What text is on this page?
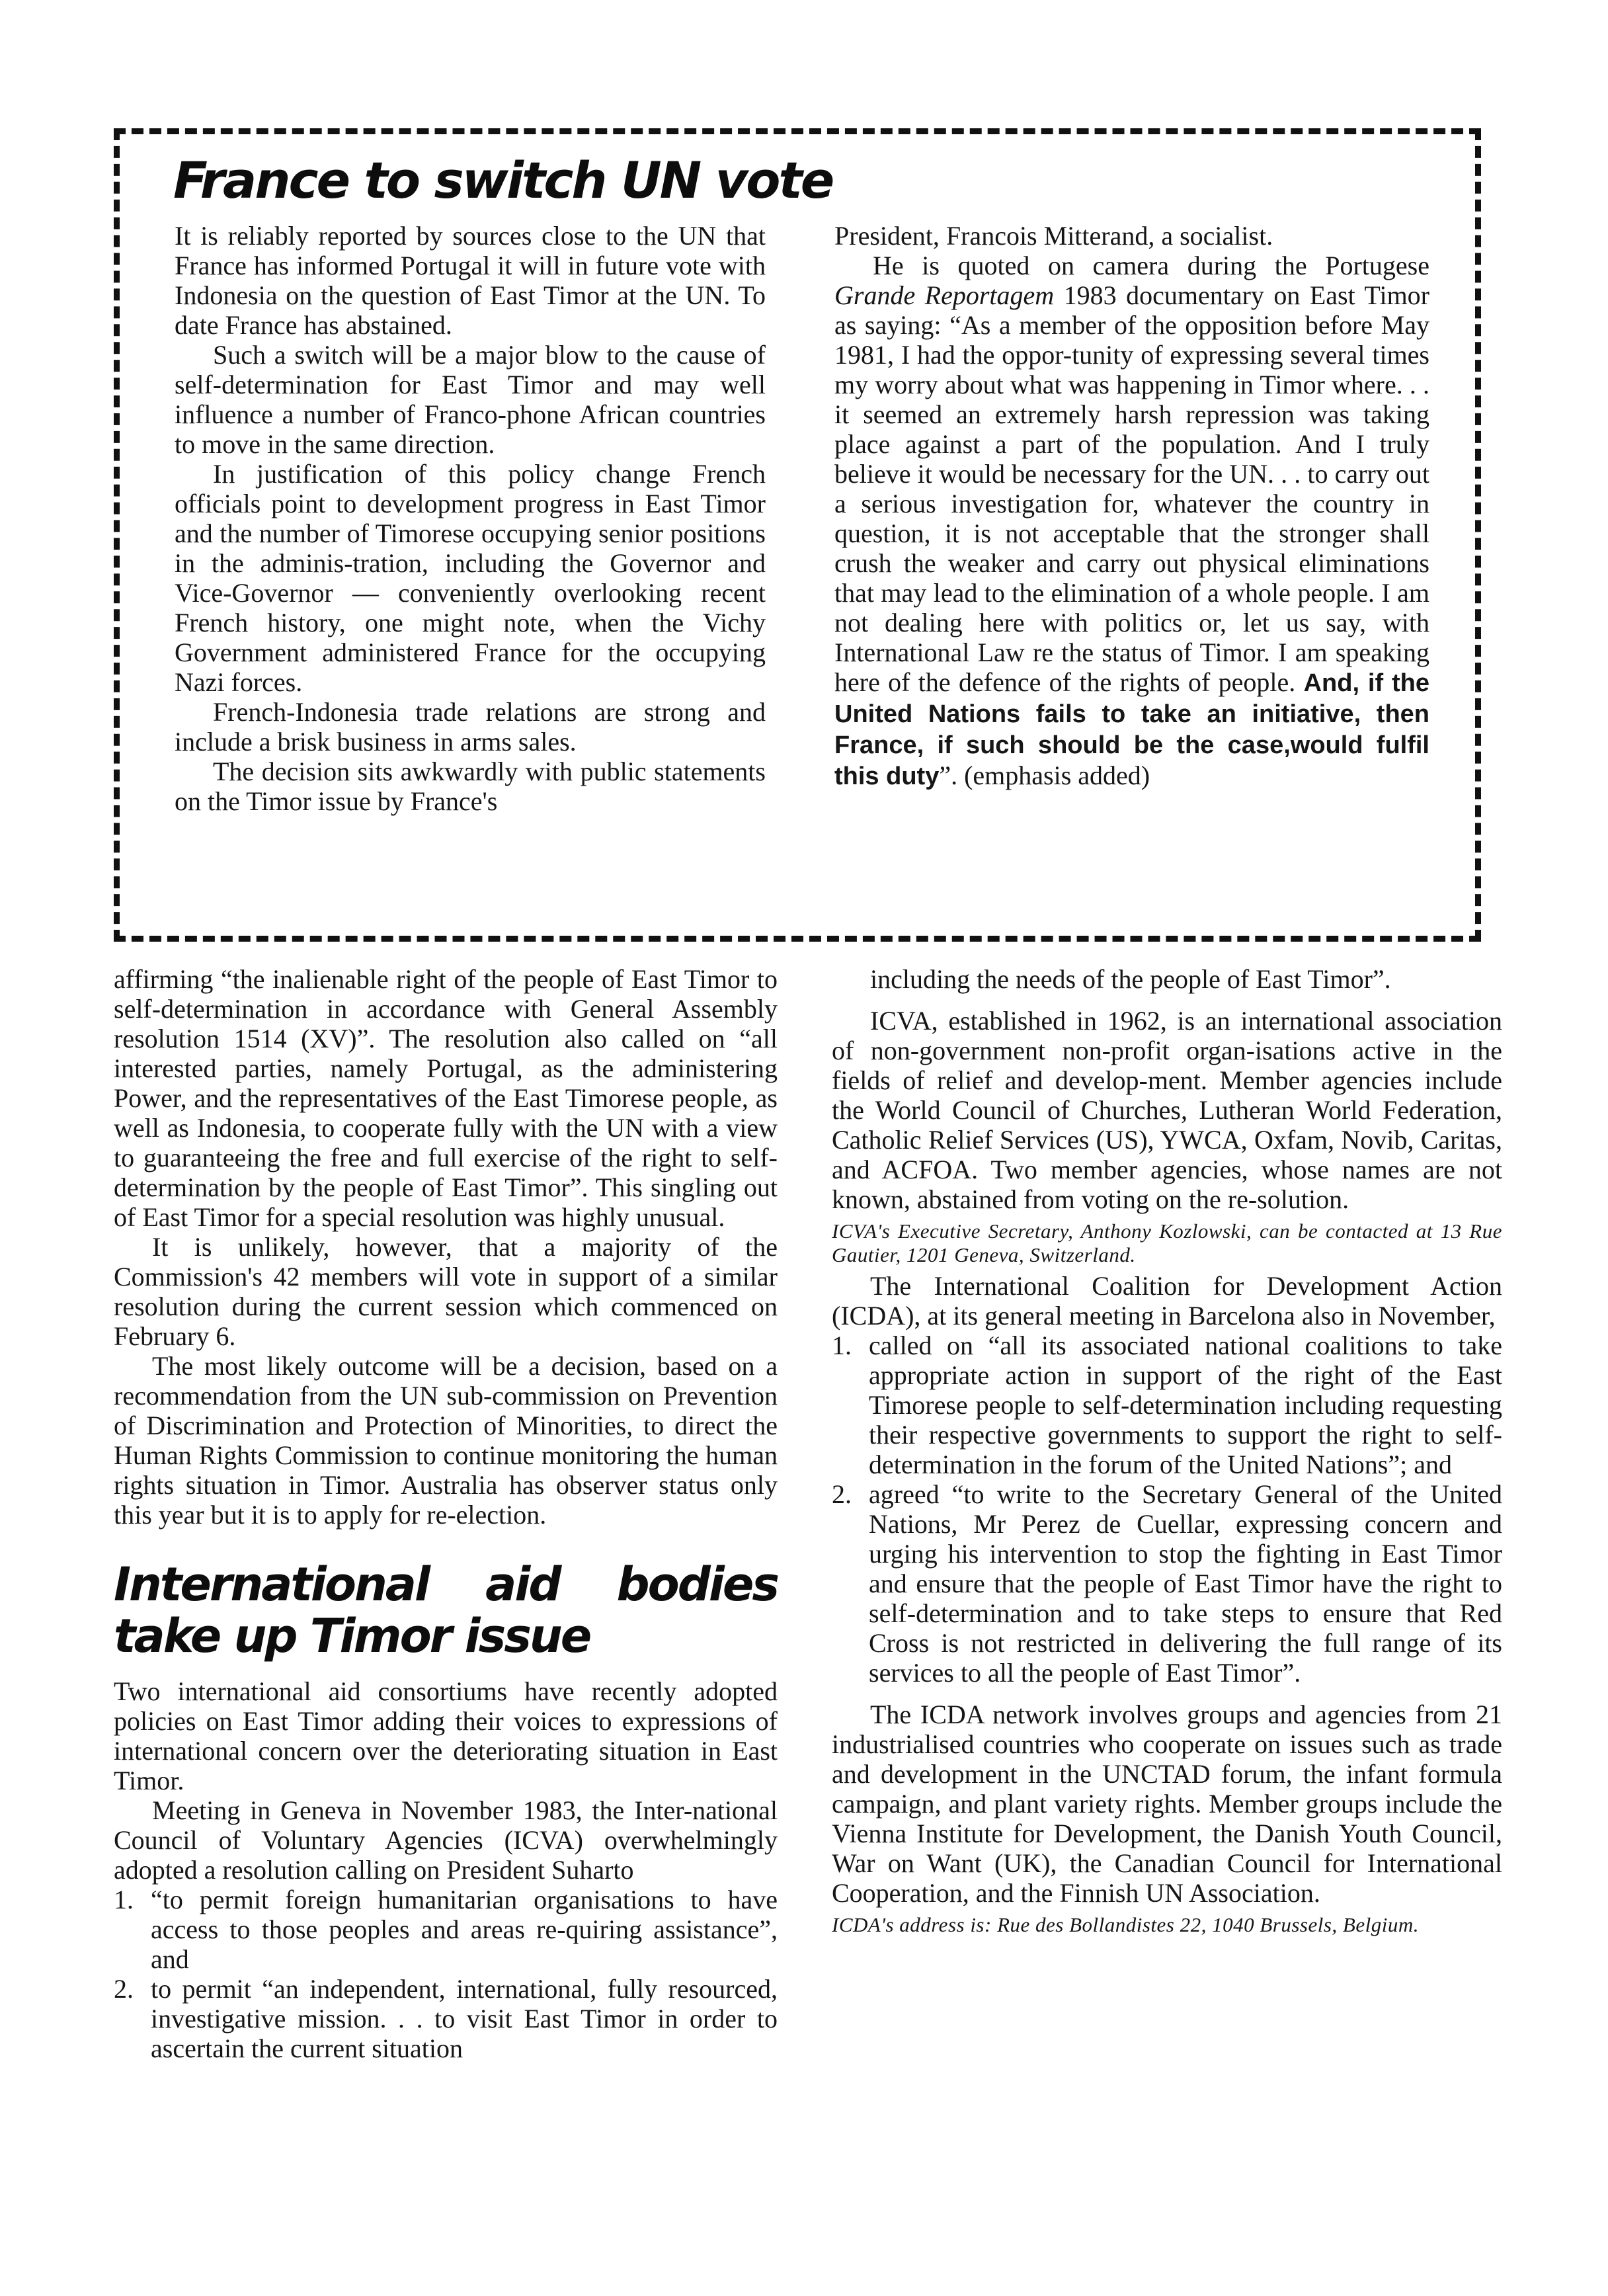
France to switch UN vote

It is reliably reported by sources close to the UN that France has informed Portugal it will in future vote with Indonesia on the question of East Timor at the UN. To date France has abstained.

Such a switch will be a major blow to the cause of self-determination for East Timor and may well influence a number of Franco-phone African countries to move in the same direction.

In justification of this policy change French officials point to development progress in East Timor and the number of Timorese occupying senior positions in the adminis-tration, including the Governor and Vice-Governor — conveniently overlooking recent French history, one might note, when the Vichy Government administered France for the occupying Nazi forces.

French-Indonesia trade relations are strong and include a brisk business in arms sales.

The decision sits awkwardly with public statements on the Timor issue by France's

President, Francois Mitterand, a socialist.

He is quoted on camera during the Portugese Grande Reportagem 1983 documentary on East Timor as saying: “As a member of the opposition before May 1981, I had the oppor-tunity of expressing several times my worry about what was happening in Timor where. . . it seemed an extremely harsh repression was taking place against a part of the population. And I truly believe it would be necessary for the UN. . . to carry out a serious investigation for, whatever the country in question, it is not acceptable that the stronger shall crush the weaker and carry out physical eliminations that may lead to the elimination of a whole people. I am not dealing here with politics or, let us say, with International Law re the status of Timor. I am speaking here of the defence of the rights of people. And, if the United Nations fails to take an initiative, then France, if such should be the case,would fulfil this duty”. (emphasis added)

affirming “the inalienable right of the people of East Timor to self-determination in accordance with General Assembly resolution 1514 (XV)”. The resolution also called on “all interested parties, namely Portugal, as the administering Power, and the representatives of the East Timorese people, as well as Indonesia, to cooperate fully with the UN with a view to guaranteeing the free and full exercise of the right to self-determination by the people of East Timor”. This singling out of East Timor for a special resolution was highly unusual.

It is unlikely, however, that a majority of the Commission's 42 members will vote in support of a similar resolution during the current session which commenced on February 6.

The most likely outcome will be a decision, based on a recommendation from the UN sub-commission on Prevention of Discrimination and Protection of Minorities, to direct the Human Rights Commission to continue monitoring the human rights situation in Timor. Australia has observer status only this year but it is to apply for re-election.

International aid bodies take up Timor issue

Two international aid consortiums have recently adopted policies on East Timor adding their voices to expressions of international concern over the deteriorating situation in East Timor.

Meeting in Geneva in November 1983, the Inter-national Council of Voluntary Agencies (ICVA) overwhelmingly adopted a resolution calling on President Suharto

1. “to permit foreign humanitarian organisations to have access to those peoples and areas re-quiring assistance”, and
2. to permit “an independent, international, fully resourced, investigative mission. . . to visit East Timor in order to ascertain the current situation

including the needs of the people of East Timor”.

ICVA, established in 1962, is an international association of non-government non-profit organ-isations active in the fields of relief and develop-ment. Member agencies include the World Council of Churches, Lutheran World Federation, Catholic Relief Services (US), YWCA, Oxfam, Novib, Caritas, and ACFOA. Two member agencies, whose names are not known, abstained from voting on the re-solution.

ICVA's Executive Secretary, Anthony Kozlowski, can be contacted at 13 Rue Gautier, 1201 Geneva, Switzerland.

The International Coalition for Development Action (ICDA), at its general meeting in Barcelona also in November,

1. called on “all its associated national coalitions to take appropriate action in support of the right of the East Timorese people to self-determination including requesting their respective governments to support the right to self-determination in the forum of the United Nations”; and
2. agreed “to write to the Secretary General of the United Nations, Mr Perez de Cuellar, expressing concern and urging his intervention to stop the fighting in East Timor and ensure that the people of East Timor have the right to self-determination and to take steps to ensure that Red Cross is not restricted in delivering the full range of its services to all the people of East Timor”.

The ICDA network involves groups and agencies from 21 industrialised countries who cooperate on issues such as trade and development in the UNCTAD forum, the infant formula campaign, and plant variety rights. Member groups include the Vienna Institute for Development, the Danish Youth Council, War on Want (UK), the Canadian Council for International Cooperation, and the Finnish UN Association.

ICDA's address is: Rue des Bollandistes 22, 1040 Brussels, Belgium.
